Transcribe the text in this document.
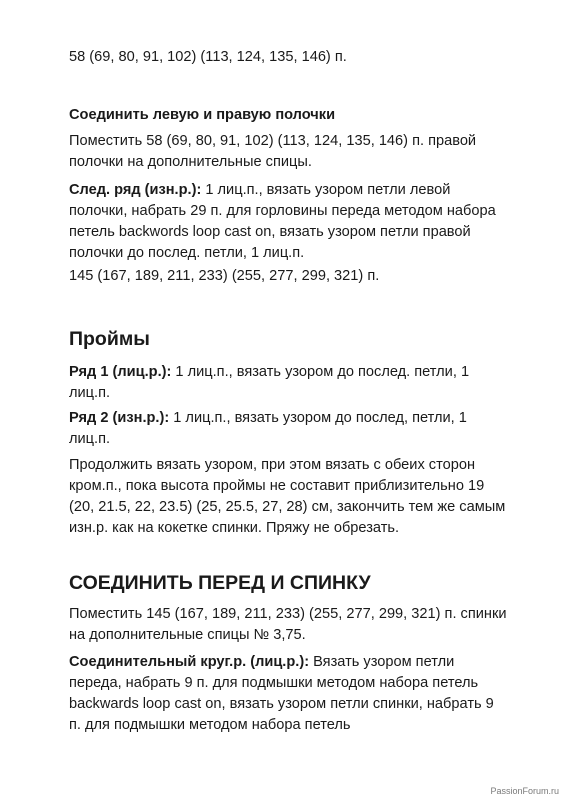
58 (69, 80, 91, 102) (113, 124, 135, 146) п.

Соединить левую и правую полочки

Поместить 58 (69, 80, 91, 102) (113, 124, 135, 146) п. правой полочки на дополнительные спицы.

След. ряд (изн.р.): 1 лиц.п., вязать узором петли левой полочки, набрать 29 п. для горловины переда методом набора петель backwords loop cast on, вязать узором петли правой полочки до послед. петли, 1 лиц.п.

145 (167, 189, 211, 233) (255, 277, 299, 321) п.

Проймы

Ряд 1 (лиц.р.): 1 лиц.п., вязать узором до послед. петли, 1 лиц.п.

Ряд 2 (изн.р.): 1 лиц.п., вязать узором до послед, петли, 1 лиц.п.

Продолжить вязать узором, при этом вязать с обеих сторон кром.п., пока высота проймы не составит приблизительно 19 (20, 21.5, 22, 23.5) (25, 25.5, 27, 28) см, закончить тем же самым изн.р. как на кокетке спинки. Пряжу не обрезать.

СОЕДИНИТЬ ПЕРЕД И СПИНКУ

Поместить 145 (167, 189, 211, 233) (255, 277, 299, 321) п. спинки на дополнительные спицы № 3,75.

Соединительный круг.р. (лиц.р.): Вязать узором петли переда, набрать 9 п. для подмышки методом набора петель backwards loop cast on, вязать узором петли спинки, набрать 9 п. для подмышки методом набора петель

PassionForum.ru
